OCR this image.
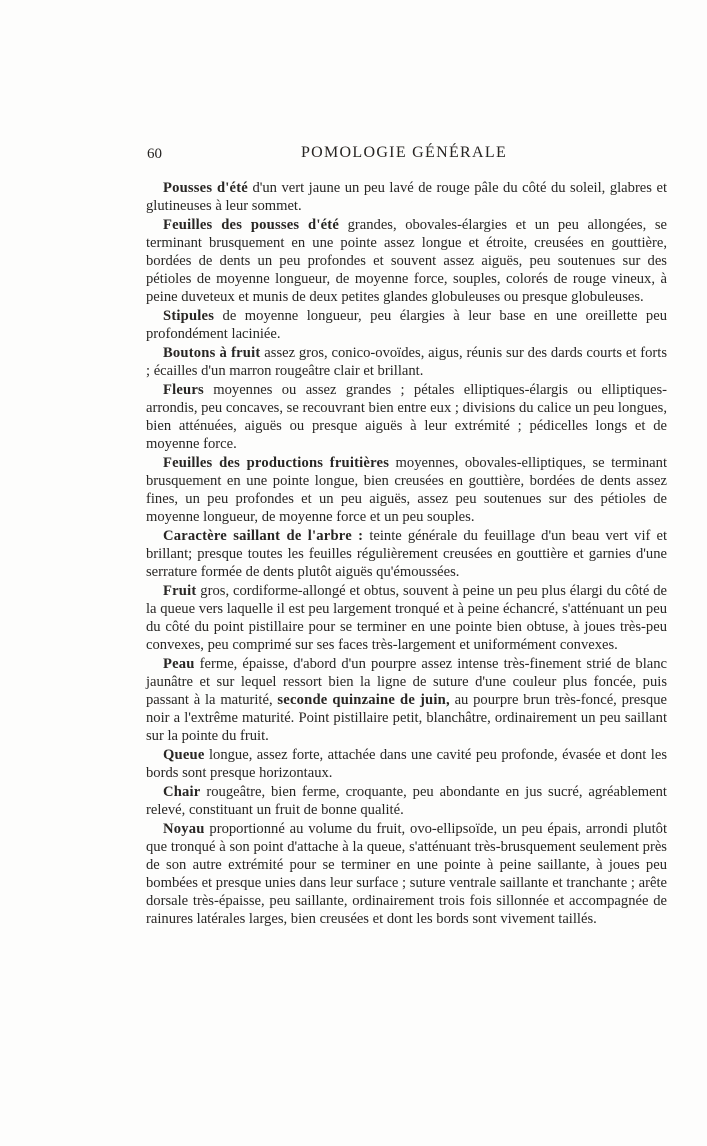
60	POMOLOGIE GÉNÉRALE

Pousses d'été d'un vert jaune un peu lavé de rouge pâle du côté du soleil, glabres et glutineuses à leur sommet.

Feuilles des pousses d'été grandes, obovales-élargies et un peu allongées, se terminant brusquement en une pointe assez longue et étroite, creusées en gouttière, bordées de dents un peu profondes et souvent assez aiguës, peu soutenues sur des pétioles de moyenne longueur, de moyenne force, souples, colorés de rouge vineux, à peine duveteux et munis de deux petites glandes globuleuses ou presque globuleuses.

Stipules de moyenne longueur, peu élargies à leur base en une oreillette peu profondément laciniée.

Boutons à fruit assez gros, conico-ovoïdes, aigus, réunis sur des dards courts et forts ; écailles d'un marron rougeâtre clair et brillant.

Fleurs moyennes ou assez grandes ; pétales elliptiques-élargis ou elliptiques-arrondis, peu concaves, se recouvrant bien entre eux ; divisions du calice un peu longues, bien atténuées, aiguës ou presque aiguës à leur extrémité ; pédicelles longs et de moyenne force.

Feuilles des productions fruitières moyennes, obovales-elliptiques, se terminant brusquement en une pointe longue, bien creusées en gouttière, bordées de dents assez fines, un peu profondes et un peu aiguës, assez peu soutenues sur des pétioles de moyenne longueur, de moyenne force et un peu souples.

Caractère saillant de l'arbre : teinte générale du feuillage d'un beau vert vif et brillant; presque toutes les feuilles régulièrement creusées en gouttière et garnies d'une serrature formée de dents plutôt aiguës qu'émoussées.

Fruit gros, cordiforme-allongé et obtus, souvent à peine un peu plus élargi du côté de la queue vers laquelle il est peu largement tronqué et à peine échancré, s'atténuant un peu du côté du point pistillaire pour se terminer en une pointe bien obtuse, à joues très-peu convexes, peu comprimé sur ses faces très-largement et uniformément convexes.

Peau ferme, épaisse, d'abord d'un pourpre assez intense très-finement strié de blanc jaunâtre et sur lequel ressort bien la ligne de suture d'une couleur plus foncée, puis passant à la maturité, seconde quinzaine de juin, au pourpre brun très-foncé, presque noir a l'extrême maturité. Point pistillaire petit, blanchâtre, ordinairement un peu saillant sur la pointe du fruit.

Queue longue, assez forte, attachée dans une cavité peu profonde, évasée et dont les bords sont presque horizontaux.

Chair rougeâtre, bien ferme, croquante, peu abondante en jus sucré, agréablement relevé, constituant un fruit de bonne qualité.

Noyau proportionné au volume du fruit, ovo-ellipsoïde, un peu épais, arrondi plutôt que tronqué à son point d'attache à la queue, s'atténuant très-brusquement seulement près de son autre extrémité pour se terminer en une pointe à peine saillante, à joues peu bombées et presque unies dans leur surface ; suture ventrale saillante et tranchante ; arête dorsale très-épaisse, peu saillante, ordinairement trois fois sillonnée et accompagnée de rainures latérales larges, bien creusées et dont les bords sont vivement taillés.
